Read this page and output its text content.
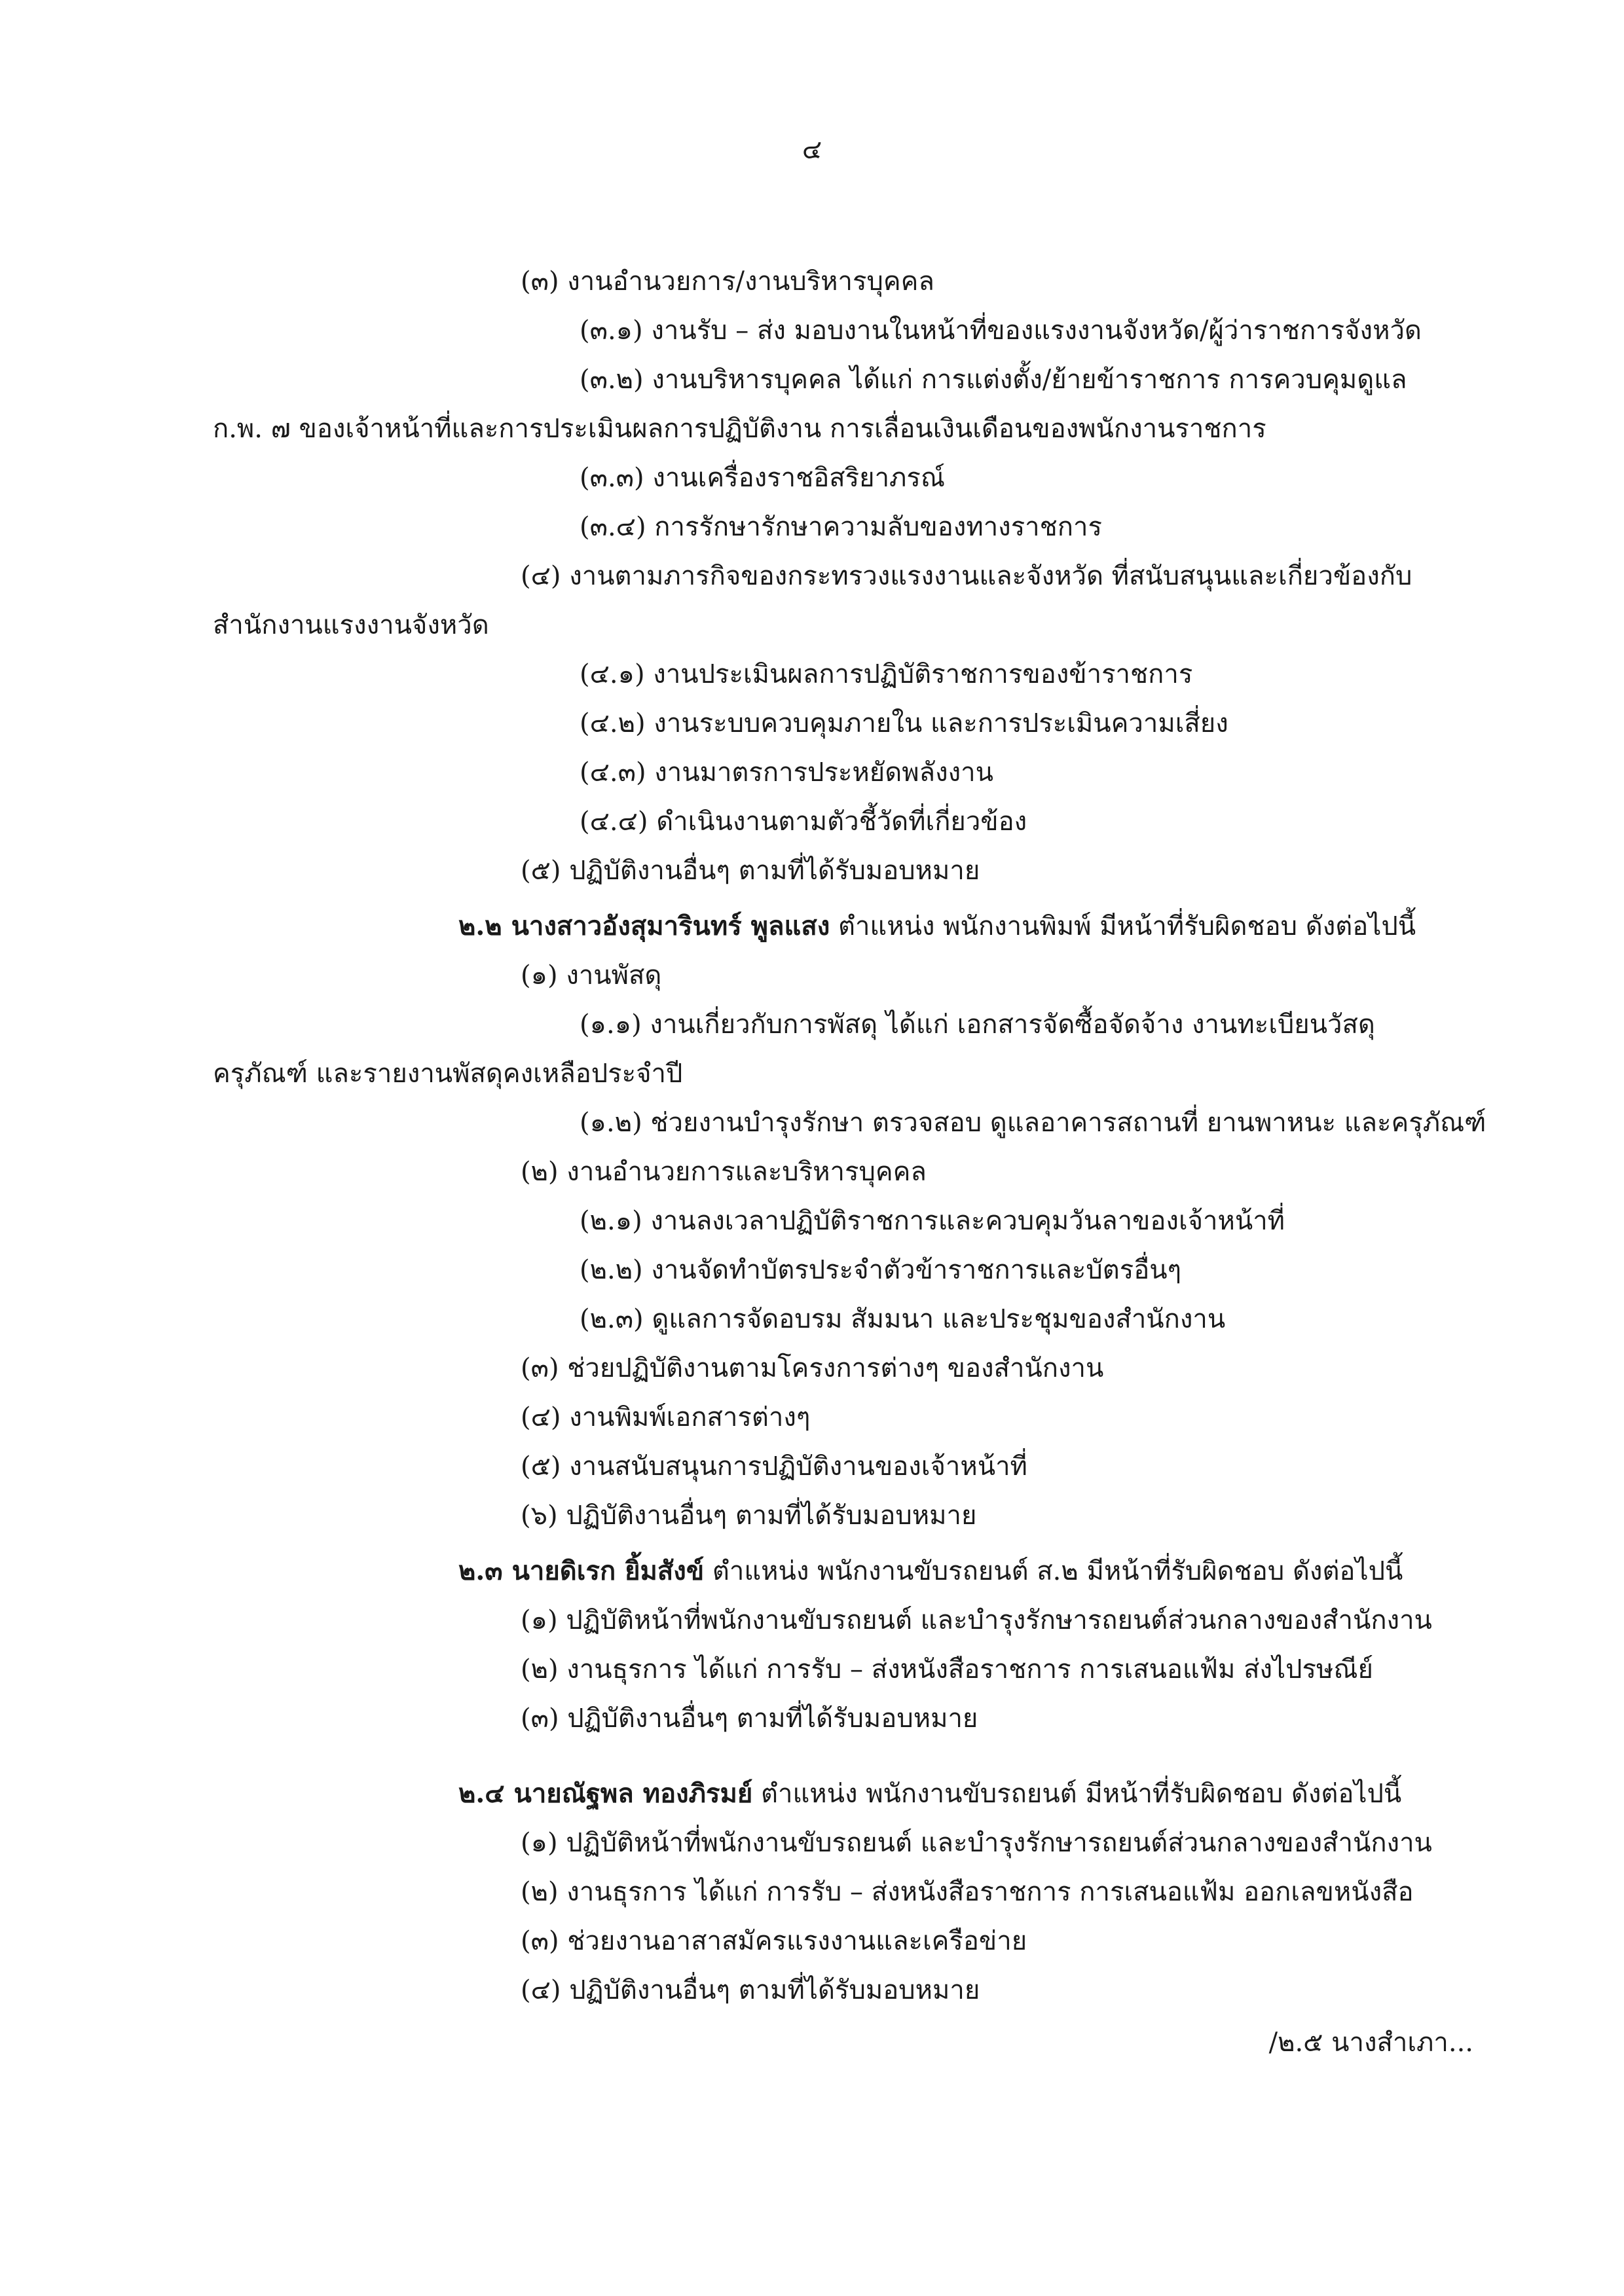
๔
(๓) งานอำนวยการ/งานบริหารบุคคล
(๓.๑) งานรับ – ส่ง มอบงานในหน้าที่ของแรงงานจังหวัด/ผู้ว่าราชการจังหวัด
(๓.๒) งานบริหารบุคคล ได้แก่ การแต่งตั้ง/ย้ายข้าราชการ การควบคุมดูแล
ก.พ. ๗ ของเจ้าหน้าที่และการประเมินผลการปฏิบัติงาน การเลื่อนเงินเดือนของพนักงานราชการ
(๓.๓) งานเครื่องราชอิสริยาภรณ์
(๓.๔) การรักษารักษาความลับของทางราชการ
(๔) งานตามภารกิจของกระทรวงแรงงานและจังหวัด ที่สนับสนุนและเกี่ยวข้องกับ
สำนักงานแรงงานจังหวัด
(๔.๑) งานประเมินผลการปฏิบัติราชการของข้าราชการ
(๔.๒) งานระบบควบคุมภายใน และการประเมินความเสี่ยง
(๔.๓) งานมาตรการประหยัดพลังงาน
(๔.๔) ดำเนินงานตามตัวชี้วัดที่เกี่ยวข้อง
(๕) ปฏิบัติงานอื่นๆ ตามที่ได้รับมอบหมาย
๒.๒ นางสาวอังสุมารินทร์ พูลแสง ตำแหน่ง พนักงานพิมพ์ มีหน้าที่รับผิดชอบ ดังต่อไปนี้
(๑) งานพัสดุ
(๑.๑) งานเกี่ยวกับการพัสดุ ได้แก่ เอกสารจัดซื้อจัดจ้าง งานทะเบียนวัสดุ
ครุภัณฑ์ และรายงานพัสดุคงเหลือประจำปี
(๑.๒) ช่วยงานบำรุงรักษา ตรวจสอบ ดูแลอาคารสถานที่ ยานพาหนะ และครุภัณฑ์
(๒) งานอำนวยการและบริหารบุคคล
(๒.๑) งานลงเวลาปฏิบัติราชการและควบคุมวันลาของเจ้าหน้าที่
(๒.๒) งานจัดทำบัตรประจำตัวข้าราชการและบัตรอื่นๆ
(๒.๓) ดูแลการจัดอบรม สัมมนา และประชุมของสำนักงาน
(๓) ช่วยปฏิบัติงานตามโครงการต่างๆ ของสำนักงาน
(๔) งานพิมพ์เอกสารต่างๆ
(๕) งานสนับสนุนการปฏิบัติงานของเจ้าหน้าที่
(๖) ปฏิบัติงานอื่นๆ ตามที่ได้รับมอบหมาย
๒.๓ นายดิเรก ยิ้มสังข์ ตำแหน่ง พนักงานขับรถยนต์ ส.๒ มีหน้าที่รับผิดชอบ ดังต่อไปนี้
(๑) ปฏิบัติหน้าที่พนักงานขับรถยนต์ และบำรุงรักษารถยนต์ส่วนกลางของสำนักงาน
(๒) งานธุรการ ได้แก่ การรับ – ส่งหนังสือราชการ การเสนอแฟ้ม ส่งไปรษณีย์
(๓) ปฏิบัติงานอื่นๆ ตามที่ได้รับมอบหมาย
๒.๔ นายณัฐพล ทองภิรมย์ ตำแหน่ง พนักงานขับรถยนต์ มีหน้าที่รับผิดชอบ ดังต่อไปนี้
(๑) ปฏิบัติหน้าที่พนักงานขับรถยนต์ และบำรุงรักษารถยนต์ส่วนกลางของสำนักงาน
(๒) งานธุรการ ได้แก่ การรับ – ส่งหนังสือราชการ การเสนอแฟ้ม ออกเลขหนังสือ
(๓) ช่วยงานอาสาสมัครแรงงานและเครือข่าย
(๔) ปฏิบัติงานอื่นๆ ตามที่ได้รับมอบหมาย
/๒.๕ นางสำเภา...
